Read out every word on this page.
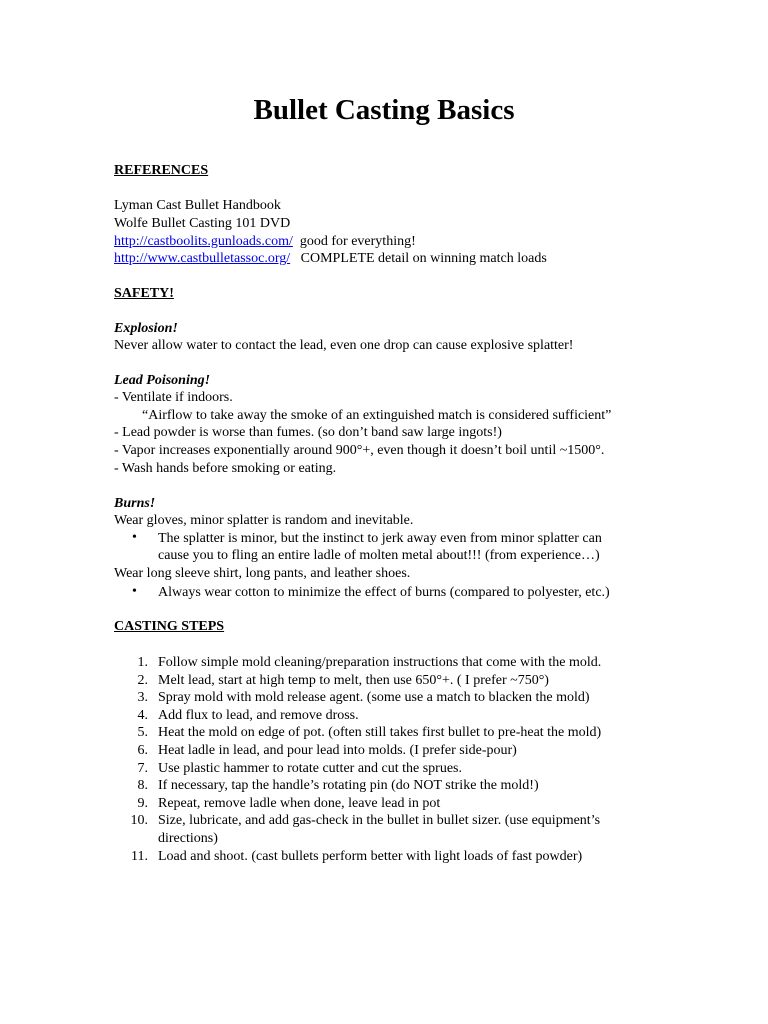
Bullet Casting Basics
REFERENCES
Lyman Cast Bullet Handbook
Wolfe Bullet Casting 101 DVD
http://castboolits.gunloads.com/ good for everything!
http://www.castbulletassoc.org/ COMPLETE detail on winning match loads
SAFETY!
Explosion!
Never allow water to contact the lead, even one drop can cause explosive splatter!
Lead Poisoning!
- Ventilate if indoors.
“Airflow to take away the smoke of an extinguished match is considered sufficient”
- Lead powder is worse than fumes. (so don’t band saw large ingots!)
- Vapor increases exponentially around 900°+, even though it doesn’t boil until ~1500°.
- Wash hands before smoking or eating.
Burns!
Wear gloves, minor splatter is random and inevitable.
• The splatter is minor, but the instinct to jerk away even from minor splatter can
cause you to fling an entire ladle of molten metal about!!! (from experience…)
Wear long sleeve shirt, long pants, and leather shoes.
• Always wear cotton to minimize the effect of burns (compared to polyester, etc.)
CASTING STEPS
1. Follow simple mold cleaning/preparation instructions that come with the mold.
2. Melt lead, start at high temp to melt, then use 650°+. ( I prefer ~750°)
3. Spray mold with mold release agent. (some use a match to blacken the mold)
4. Add flux to lead, and remove dross.
5. Heat the mold on edge of pot. (often still takes first bullet to pre-heat the mold)
6. Heat ladle in lead, and pour lead into molds. (I prefer side-pour)
7. Use plastic hammer to rotate cutter and cut the sprues.
8. If necessary, tap the handle’s rotating pin (do NOT strike the mold!)
9. Repeat, remove ladle when done, leave lead in pot
10. Size, lubricate, and add gas-check in the bullet in bullet sizer. (use equipment’s
directions)
11. Load and shoot. (cast bullets perform better with light loads of fast powder)
